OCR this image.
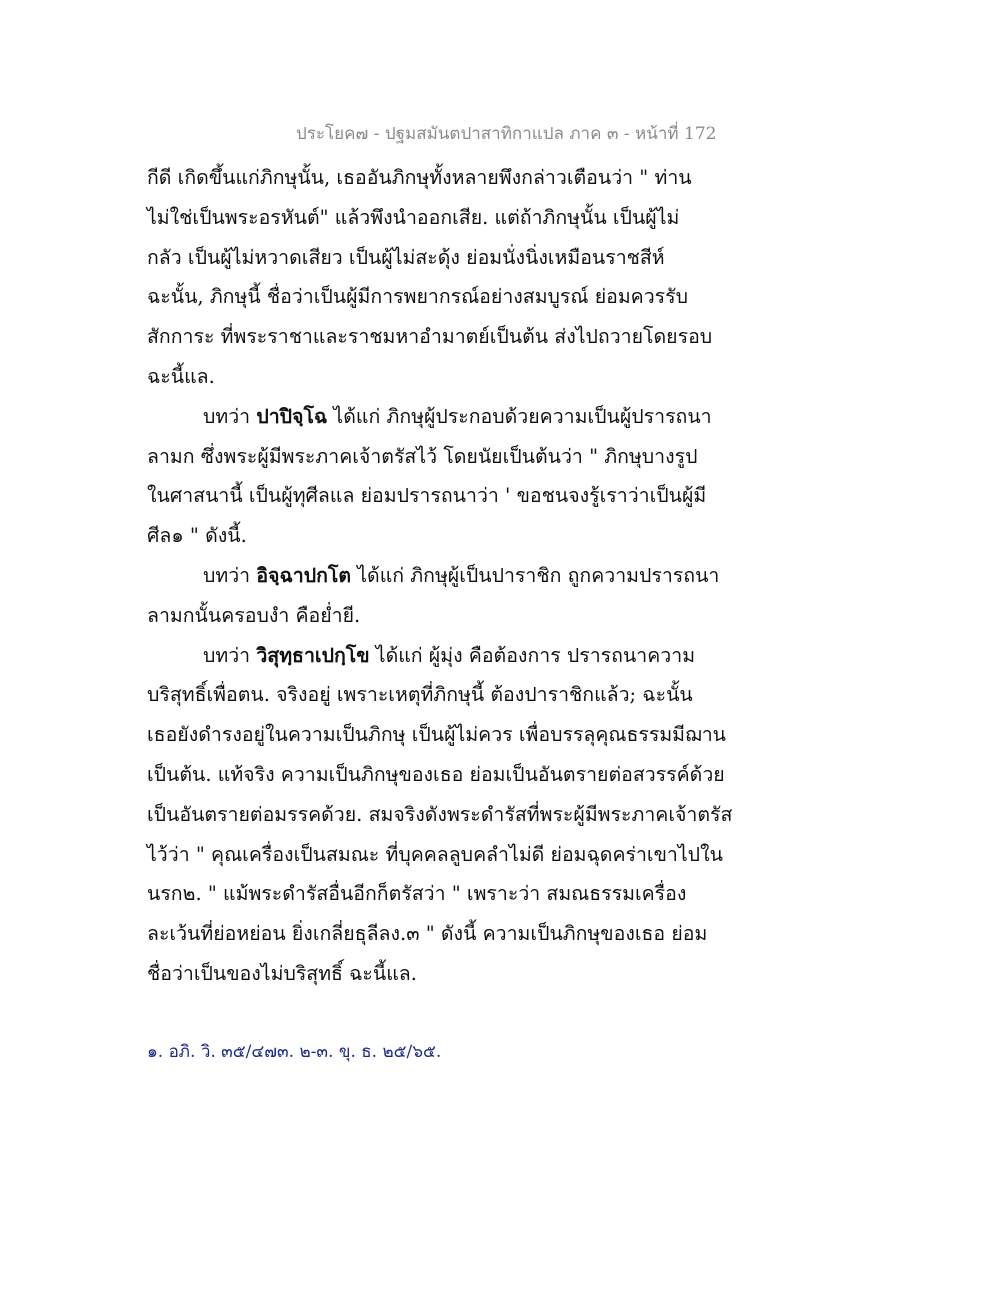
ประโยค๗ - ปฐมสมันตปาสาทิกาแปล ภาค ๓ - หน้าที่ 172
กีดี เกิดขึ้นแก่ภิกษุนั้น, เธออันภิกษุทั้งหลายพึงกล่าวเตือนว่า " ท่าน
ไม่ใช่เป็นพระอรหันต์" แล้วพึงนำออกเสีย. แต่ถ้าภิกษุนั้น เป็นผู้ไม่
กลัว เป็นผู้ไม่หวาดเสียว เป็นผู้ไม่สะดุ้ง ย่อมนั่งนิ่งเหมือนราชสีห์
ฉะนั้น, ภิกษุนี้ ชื่อว่าเป็นผู้มีการพยากรณ์อย่างสมบูรณ์ ย่อมควรรับ
สักการะ ที่พระราชาและราชมหาอำมาตย์เป็นต้น ส่งไปถวายโดยรอบ
ฉะนี้แล.
บทว่า ปาปิจฺโฉ ได้แก่ ภิกษุผู้ประกอบด้วยความเป็นผู้ปรารถนา
ลามก ซึ่งพระผู้มีพระภาคเจ้าตรัสไว้ โดยนัยเป็นต้นว่า " ภิกษุบางรูป
ในศาสนานี้ เป็นผู้ทุศีลแล ย่อมปรารถนาว่า ' ขอชนจงรู้เราว่าเป็นผู้มี
ศีล๑ " ดังนี้.
บทว่า อิจฺฉาปกโต ได้แก่ ภิกษุผู้เป็นปาราชิก ถูกความปรารถนา
ลามกนั้นครอบงำ คือย่ำยี.
บทว่า วิสุทฺธาเปกฺโข ได้แก่ ผู้มุ่ง คือต้องการ ปรารถนาความ
บริสุทธิ์เพื่อตน. จริงอยู่ เพราะเหตุที่ภิกษุนี้ ต้องปาราชิกแล้ว; ฉะนั้น
เธอยังดำรงอยู่ในความเป็นภิกษุ เป็นผู้ไม่ควร เพื่อบรรลุคุณธรรมมีฌาน
เป็นต้น. แท้จริง ความเป็นภิกษุของเธอ ย่อมเป็นอันตรายต่อสวรรค์ด้วย
เป็นอันตรายต่อมรรคด้วย. สมจริงดังพระดำรัสที่พระผู้มีพระภาคเจ้าตรัส
ไว้ว่า " คุณเครื่องเป็นสมณะ ที่บุคคลลูบคลำไม่ดี ย่อมฉุดคร่าเขาไปใน
นรก๒. " แม้พระดำรัสอื่นอีกก็ตรัสว่า " เพราะว่า สมณธรรมเครื่อง
ละเว้นที่ย่อหย่อน ยิ่งเกลี่ยธุลีลง.๓ " ดังนี้ ความเป็นภิกษุของเธอ ย่อม
ชื่อว่าเป็นของไม่บริสุทธิ์ ฉะนี้แล.
๑. อภิ. วิ. ๓๕/๔๗๓. ๒-๓. ขุ. ธ. ๒๕/๖๕.
